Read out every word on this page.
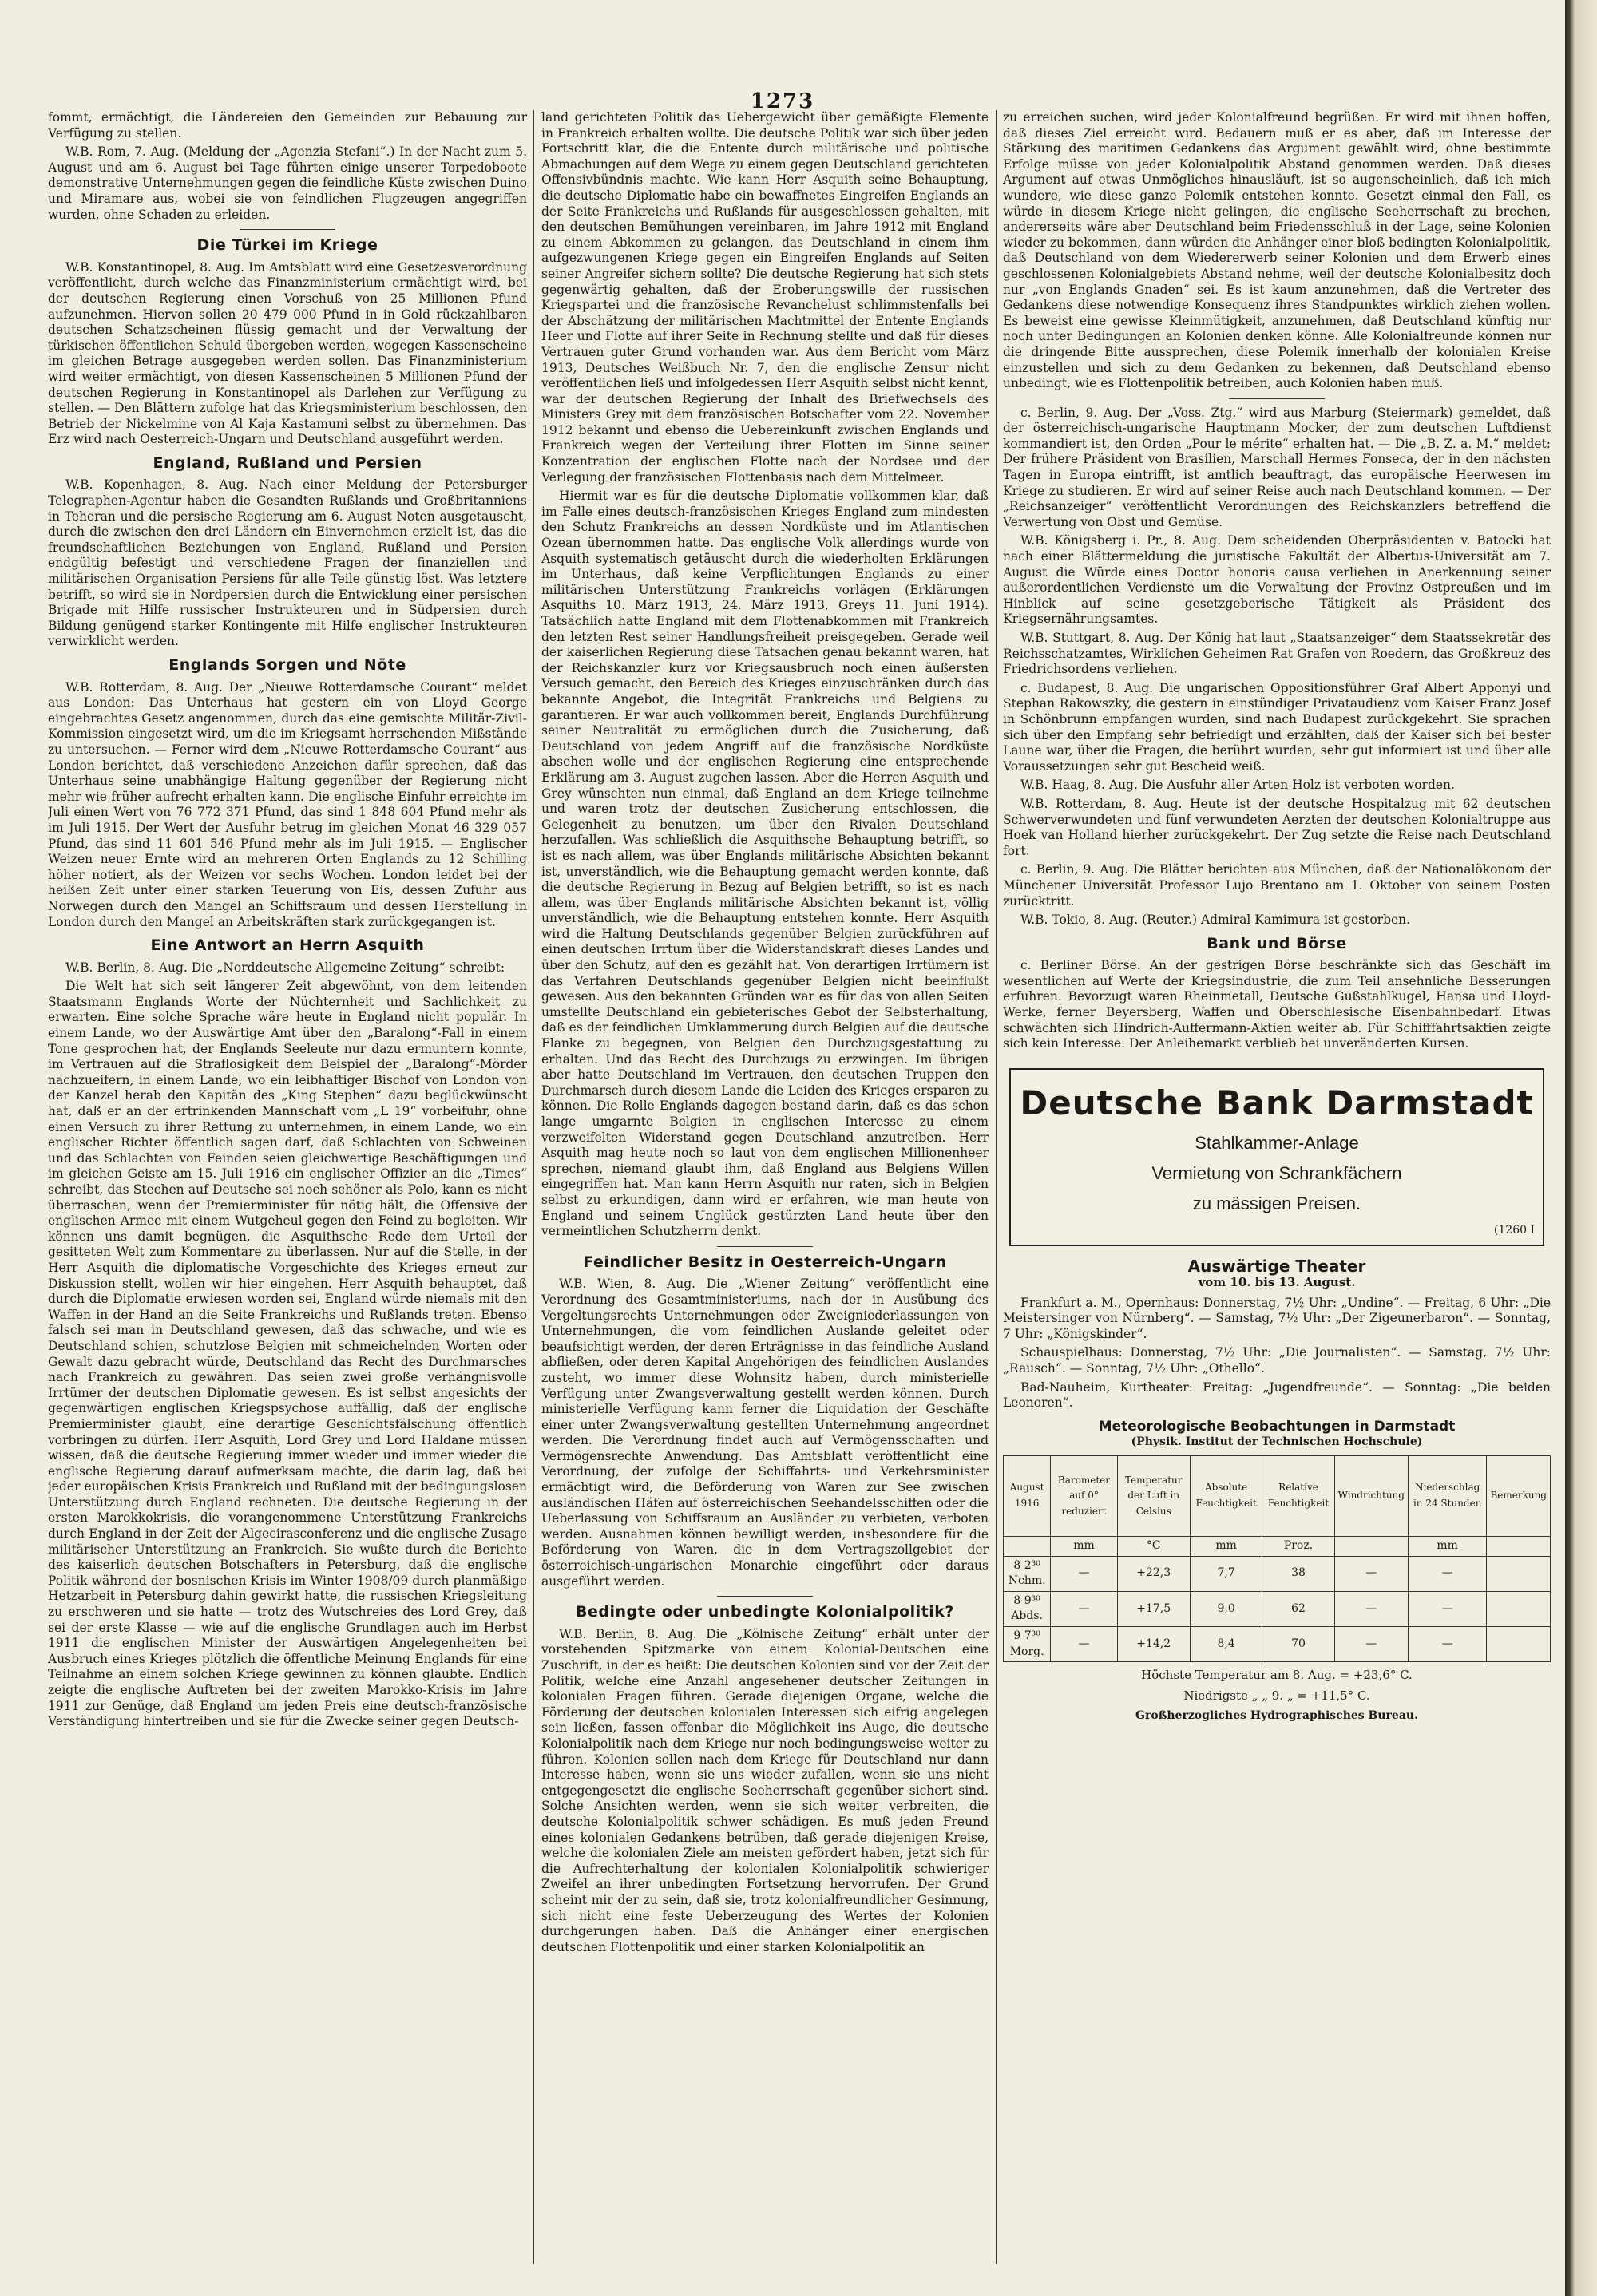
1273

fommt, ermächtigt, die Ländereien den Gemeinden zur Bebauung zur Verfügung zu stellen.

W.B. Rom, 7. Aug. (Meldung der „Agenzia Stefani“.) In der Nacht zum 5. August und am 6. August bei Tage führten einige unserer Torpedoboote demonstrative Unternehmungen gegen die feindliche Küste zwischen Duino und Miramare aus, wobei sie von feindlichen Flugzeugen angegriffen wurden, ohne Schaden zu erleiden.

Die Türkei im Kriege

W.B. Konstantinopel, 8. Aug. Im Amtsblatt wird eine Gesetzesverordnung veröffentlicht, durch welche das Finanzministerium ermächtigt wird, bei der deutschen Regierung einen Vorschuß von 25 Millionen Pfund aufzunehmen. Hiervon sollen 20 479 000 Pfund in in Gold rückzahlbaren deutschen Schatzscheinen flüssig gemacht und der Verwaltung der türkischen öffentlichen Schuld übergeben werden, wogegen Kassenscheine im gleichen Betrage ausgegeben werden sollen. Das Finanzministerium wird weiter ermächtigt, von diesen Kassenscheinen 5 Millionen Pfund der deutschen Regierung in Konstantinopel als Darlehen zur Verfügung zu stellen. — Den Blättern zufolge hat das Kriegsministerium beschlossen, den Betrieb der Nickelmine von Al Kaja Kastamuni selbst zu übernehmen. Das Erz wird nach Oesterreich-Ungarn und Deutschland ausgeführt werden.

England, Rußland und Persien

W.B. Kopenhagen, 8. Aug. Nach einer Meldung der Petersburger Telegraphen-Agentur haben die Gesandten Rußlands und Großbritanniens in Teheran und die persische Regierung am 6. August Noten ausgetauscht, durch die zwischen den drei Ländern ein Einvernehmen erzielt ist, das die freundschaftlichen Beziehungen von England, Rußland und Persien endgültig befestigt und verschiedene Fragen der finanziellen und militärischen Organisation Persiens für alle Teile günstig löst. Was letztere betrifft, so wird sie in Nordpersien durch die Entwicklung einer persischen Brigade mit Hilfe russischer Instrukteuren und in Südpersien durch Bildung genügend starker Kontingente mit Hilfe englischer Instrukteuren verwirklicht werden.

Englands Sorgen und Nöte

W.B. Rotterdam, 8. Aug. Der „Nieuwe Rotterdamsche Courant“ meldet aus London: Das Unterhaus hat gestern ein von Lloyd George eingebrachtes Gesetz angenommen, durch das eine gemischte Militär-Zivil-Kommission eingesetzt wird, um die im Kriegsamt herrschenden Mißstände zu untersuchen. — Ferner wird dem „Nieuwe Rotterdamsche Courant“ aus London berichtet, daß verschiedene Anzeichen dafür sprechen, daß das Unterhaus seine unabhängige Haltung gegenüber der Regierung nicht mehr wie früher aufrecht erhalten kann. Die englische Einfuhr erreichte im Juli einen Wert von 76 772 371 Pfund, das sind 1 848 604 Pfund mehr als im Juli 1915. Der Wert der Ausfuhr betrug im gleichen Monat 46 329 057 Pfund, das sind 11 601 546 Pfund mehr als im Juli 1915. — Englischer Weizen neuer Ernte wird an mehreren Orten Englands zu 12 Schilling höher notiert, als der Weizen vor sechs Wochen. London leidet bei der heißen Zeit unter einer starken Teuerung von Eis, dessen Zufuhr aus Norwegen durch den Mangel an Schiffsraum und dessen Herstellung in London durch den Mangel an Arbeitskräften stark zurückgegangen ist.

Eine Antwort an Herrn Asquith

W.B. Berlin, 8. Aug. Die „Norddeutsche Allgemeine Zeitung“ schreibt:

Die Welt hat sich seit längerer Zeit abgewöhnt, von dem leitenden Staatsmann Englands Worte der Nüchternheit und Sachlichkeit zu erwarten. Eine solche Sprache wäre heute in England nicht populär. In einem Lande, wo der Auswärtige Amt über den „Baralong“-Fall in einem Tone gesprochen hat, der Englands Seeleute nur dazu ermuntern konnte, im Vertrauen auf die Straflosigkeit dem Beispiel der „Baralong“-Mörder nachzueifern, in einem Lande, wo ein leibhaftiger Bischof von London von der Kanzel herab den Kapitän des „King Stephen“ dazu beglückwünscht hat, daß er an der ertrinkenden Mannschaft vom „L 19“ vorbeifuhr, ohne einen Versuch zu ihrer Rettung zu unternehmen, in einem Lande, wo ein englischer Richter öffentlich sagen darf, daß Schlachten von Schweinen und das Schlachten von Feinden seien gleichwertige Beschäftigungen und im gleichen Geiste am 15. Juli 1916 ein englischer Offizier an die „Times“ schreibt, das Stechen auf Deutsche sei noch schöner als Polo, kann es nicht überraschen, wenn der Premierminister für nötig hält, die Offensive der englischen Armee mit einem Wutgeheul gegen den Feind zu begleiten. Wir können uns damit begnügen, die Asquithsche Rede dem Urteil der gesitteten Welt zum Kommentare zu überlassen. Nur auf die Stelle, in der Herr Asquith die diplomatische Vorgeschichte des Krieges erneut zur Diskussion stellt, wollen wir hier eingehen. Herr Asquith behauptet, daß durch die Diplomatie erwiesen worden sei, England würde niemals mit den Waffen in der Hand an die Seite Frankreichs und Rußlands treten. Ebenso falsch sei man in Deutschland gewesen, daß das schwache, und wie es Deutschland schien, schutzlose Belgien mit schmeichelnden Worten oder Gewalt dazu gebracht würde, Deutschland das Recht des Durchmarsches nach Frankreich zu gewähren. Das seien zwei große verhängnisvolle Irrtümer der deutschen Diplomatie gewesen. Es ist selbst angesichts der gegenwärtigen englischen Kriegspsychose auffällig, daß der englische Premierminister glaubt, eine derartige Geschichtsfälschung öffentlich vorbringen zu dürfen. Herr Asquith, Lord Grey und Lord Haldane müssen wissen, daß die deutsche Regierung immer wieder und immer wieder die englische Regierung darauf aufmerksam machte, die darin lag, daß bei jeder europäischen Krisis Frankreich und Rußland mit der bedingungslosen Unterstützung durch England rechneten. Die deutsche Regierung in der ersten Marokkokrisis, die vorangenommene Unterstützung Frankreichs durch England in der Zeit der Algecirasconferenz und die englische Zusage militärischer Unterstützung an Frankreich. Sie wußte durch die Berichte des kaiserlich deutschen Botschafters in Petersburg, daß die englische Politik während der bosnischen Krisis im Winter 1908/09 durch planmäßige Hetzarbeit in Petersburg dahin gewirkt hatte, die russischen Kriegsleitung zu erschweren und sie hatte — trotz des Wutschreies des Lord Grey, daß sei der erste Klasse — wie auf die englische Grundlagen auch im Herbst 1911 die englischen Minister der Auswärtigen Angelegenheiten bei Ausbruch eines Krieges plötzlich die öffentliche Meinung Englands für eine Teilnahme an einem solchen Kriege gewinnen zu können glaubte. Endlich zeigte die englische Auftreten bei der zweiten Marokko-Krisis im Jahre 1911 zur Genüge, daß England um jeden Preis eine deutsch-französische Verständigung hintertreiben und sie für die Zwecke seiner gegen Deutsch-

land gerichteten Politik das Uebergewicht über gemäßigte Elemente in Frankreich erhalten wollte. Die deutsche Politik war sich über jeden Fortschritt klar, die die Entente durch militärische und politische Abmachungen auf dem Wege zu einem gegen Deutschland gerichteten Offensivbündnis machte. Wie kann Herr Asquith seine Behauptung, die deutsche Diplomatie habe ein bewaffnetes Eingreifen Englands an der Seite Frankreichs und Rußlands für ausgeschlossen gehalten, mit den deutschen Bemühungen vereinbaren, im Jahre 1912 mit England zu einem Abkommen zu gelangen, das Deutschland in einem ihm aufgezwungenen Kriege gegen ein Eingreifen Englands auf Seiten seiner Angreifer sichern sollte? Die deutsche Regierung hat sich stets gegenwärtig gehalten, daß der Eroberungswille der russischen Kriegspartei und die französische Revanchelust schlimmstenfalls bei der Abschätzung der militärischen Machtmittel der Entente Englands Heer und Flotte auf ihrer Seite in Rechnung stellte und daß für dieses Vertrauen guter Grund vorhanden war. Aus dem Bericht vom März 1913, Deutsches Weißbuch Nr. 7, den die englische Zensur nicht veröffentlichen ließ und infolgedessen Herr Asquith selbst nicht kennt, war der deutschen Regierung der Inhalt des Briefwechsels des Ministers Grey mit dem französischen Botschafter vom 22. November 1912 bekannt und ebenso die Uebereinkunft zwischen Englands und Frankreich wegen der Verteilung ihrer Flotten im Sinne seiner Konzentration der englischen Flotte nach der Nordsee und der Verlegung der französischen Flottenbasis nach dem Mittelmeer.

Hiermit war es für die deutsche Diplomatie vollkommen klar, daß im Falle eines deutsch-französischen Krieges England zum mindesten den Schutz Frankreichs an dessen Nordküste und im Atlantischen Ozean übernommen hatte. Das englische Volk allerdings wurde von Asquith systematisch getäuscht durch die wiederholten Erklärungen im Unterhaus, daß keine Verpflichtungen Englands zu einer militärischen Unterstützung Frankreichs vorlägen (Erklärungen Asquiths 10. März 1913, 24. März 1913, Greys 11. Juni 1914). Tatsächlich hatte England mit dem Flottenabkommen mit Frankreich den letzten Rest seiner Handlungsfreiheit preisgegeben. Gerade weil der kaiserlichen Regierung diese Tatsachen genau bekannt waren, hat der Reichskanzler kurz vor Kriegsausbruch noch einen äußersten Versuch gemacht, den Bereich des Krieges einzuschränken durch das bekannte Angebot, die Integrität Frankreichs und Belgiens zu garantieren. Er war auch vollkommen bereit, Englands Durchführung seiner Neutralität zu ermöglichen durch die Zusicherung, daß Deutschland von jedem Angriff auf die französische Nordküste absehen wolle und der englischen Regierung eine entsprechende Erklärung am 3. August zugehen lassen. Aber die Herren Asquith und Grey wünschten nun einmal, daß England an dem Kriege teilnehme und waren trotz der deutschen Zusicherung entschlossen, die Gelegenheit zu benutzen, um über den Rivalen Deutschland herzufallen. Was schließlich die Asquithsche Behauptung betrifft, so ist es nach allem, was über Englands militärische Absichten bekannt ist, unverständlich, wie die Behauptung gemacht werden konnte, daß die deutsche Regierung in Bezug auf Belgien betrifft, so ist es nach allem, was über Englands militärische Absichten bekannt ist, völlig unverständlich, wie die Behauptung entstehen konnte. Herr Asquith wird die Haltung Deutschlands gegenüber Belgien zurückführen auf einen deutschen Irrtum über die Widerstandskraft dieses Landes und über den Schutz, auf den es gezählt hat. Von derartigen Irrtümern ist das Verfahren Deutschlands gegenüber Belgien nicht beeinflußt gewesen. Aus den bekannten Gründen war es für das von allen Seiten umstellte Deutschland ein gebieterisches Gebot der Selbsterhaltung, daß es der feindlichen Umklammerung durch Belgien auf die deutsche Flanke zu begegnen, von Belgien den Durchzugsgestattung zu erhalten. Und das Recht des Durchzugs zu erzwingen. Im übrigen aber hatte Deutschland im Vertrauen, den deutschen Truppen den Durchmarsch durch diesem Lande die Leiden des Krieges ersparen zu können. Die Rolle Englands dagegen bestand darin, daß es das schon lange umgarnte Belgien in englischen Interesse zu einem verzweifelten Widerstand gegen Deutschland anzutreiben. Herr Asquith mag heute noch so laut von dem englischen Millionenheer sprechen, niemand glaubt ihm, daß England aus Belgiens Willen eingegriffen hat. Man kann Herrn Asquith nur raten, sich in Belgien selbst zu erkundigen, dann wird er erfahren, wie man heute von England und seinem Unglück gestürzten Land heute über den vermeintlichen Schutzherrn denkt.

Feindlicher Besitz in Oesterreich-Ungarn

W.B. Wien, 8. Aug. Die „Wiener Zeitung“ veröffentlicht eine Verordnung des Gesamtministeriums, nach der in Ausübung des Vergeltungsrechts Unternehmungen oder Zweigniederlassungen von Unternehmungen, die vom feindlichen Auslande geleitet oder beaufsichtigt werden, der deren Erträgnisse in das feindliche Ausland abfließen, oder deren Kapital Angehörigen des feindlichen Auslandes zusteht, wo immer diese Wohnsitz haben, durch ministerielle Verfügung unter Zwangsverwaltung gestellt werden können. Durch ministerielle Verfügung kann ferner die Liquidation der Geschäfte einer unter Zwangsverwaltung gestellten Unternehmung angeordnet werden. Die Verordnung findet auch auf Vermögensschaften und Vermögensrechte Anwendung. Das Amtsblatt veröffentlicht eine Verordnung, der zufolge der Schiffahrts- und Verkehrsminister ermächtigt wird, die Beförderung von Waren zur See zwischen ausländischen Häfen auf österreichischen Seehandelsschiffen oder die Ueberlassung von Schiffsraum an Ausländer zu verbieten, verboten werden. Ausnahmen können bewilligt werden, insbesondere für die Beförderung von Waren, die in dem Vertragszollgebiet der österreichisch-ungarischen Monarchie eingeführt oder daraus ausgeführt werden.

Bedingte oder unbedingte Kolonialpolitik?

W.B. Berlin, 8. Aug. Die „Kölnische Zeitung“ erhält unter der vorstehenden Spitzmarke von einem Kolonial-Deutschen eine Zuschrift, in der es heißt: Die deutschen Kolonien sind vor der Zeit der Politik, welche eine Anzahl angesehener deutscher Zeitungen in kolonialen Fragen führen. Gerade diejenigen Organe, welche die Förderung der deutschen kolonialen Interessen sich eifrig angelegen sein ließen, fassen offenbar die Möglichkeit ins Auge, die deutsche Kolonialpolitik nach dem Kriege nur noch bedingungsweise weiter zu führen. Kolonien sollen nach dem Kriege für Deutschland nur dann Interesse haben, wenn sie uns wieder zufallen, wenn sie uns nicht entgegengesetzt die englische Seeherrschaft gegenüber sichert sind. Solche Ansichten werden, wenn sie sich weiter verbreiten, die deutsche Kolonialpolitik schwer schädigen. Es muß jeden Freund eines kolonialen Gedankens betrüben, daß gerade diejenigen Kreise, welche die kolonialen Ziele am meisten gefördert haben, jetzt sich für die Aufrechterhaltung der kolonialen Kolonialpolitik schwieriger Zweifel an ihrer unbedingten Fortsetzung hervorrufen. Der Grund scheint mir der zu sein, daß sie, trotz kolonialfreundlicher Gesinnung, sich nicht eine feste Ueberzeugung des Wertes der Kolonien durchgerungen haben. Daß die Anhänger einer energischen deutschen Flottenpolitik und einer starken Kolonialpolitik an

zu erreichen suchen, wird jeder Kolonialfreund begrüßen. Er wird mit ihnen hoffen, daß dieses Ziel erreicht wird. Bedauern muß er es aber, daß im Interesse der Stärkung des maritimen Gedankens das Argument gewählt wird, ohne bestimmte Erfolge müsse von jeder Kolonialpolitik Abstand genommen werden. Daß dieses Argument auf etwas Unmögliches hinausläuft, ist so augenscheinlich, daß ich mich wundere, wie diese ganze Polemik entstehen konnte. Gesetzt einmal den Fall, es würde in diesem Kriege nicht gelingen, die englische Seeherrschaft zu brechen, andererseits wäre aber Deutschland beim Friedensschluß in der Lage, seine Kolonien wieder zu bekommen, dann würden die Anhänger einer bloß bedingten Kolonialpolitik, daß Deutschland von dem Wiedererwerb seiner Kolonien und dem Erwerb eines geschlossenen Kolonialgebiets Abstand nehme, weil der deutsche Kolonialbesitz doch nur „von Englands Gnaden“ sei. Es ist kaum anzunehmen, daß die Vertreter des Gedankens diese notwendige Konsequenz ihres Standpunktes wirklich ziehen wollen. Es beweist eine gewisse Kleinmütigkeit, anzunehmen, daß Deutschland künftig nur noch unter Bedingungen an Kolonien denken könne. Alle Kolonialfreunde können nur die dringende Bitte aussprechen, diese Polemik innerhalb der kolonialen Kreise einzustellen und sich zu dem Gedanken zu bekennen, daß Deutschland ebenso unbedingt, wie es Flottenpolitik betreiben, auch Kolonien haben muß.

c. Berlin, 9. Aug. Der „Voss. Ztg.“ wird aus Marburg (Steiermark) gemeldet, daß der österreichisch-ungarische Hauptmann Mocker, der zum deutschen Luftdienst kommandiert ist, den Orden „Pour le mérite“ erhalten hat. — Die „B. Z. a. M.“ meldet: Der frühere Präsident von Brasilien, Marschall Hermes Fonseca, der in den nächsten Tagen in Europa eintrifft, ist amtlich beauftragt, das europäische Heerwesen im Kriege zu studieren. Er wird auf seiner Reise auch nach Deutschland kommen. — Der „Reichsanzeiger“ veröffentlicht Verordnungen des Reichskanzlers betreffend die Verwertung von Obst und Gemüse.

W.B. Königsberg i. Pr., 8. Aug. Dem scheidenden Oberpräsidenten v. Batocki hat nach einer Blättermeldung die juristische Fakultät der Albertus-Universität am 7. August die Würde eines Doctor honoris causa verliehen in Anerkennung seiner außerordentlichen Verdienste um die Verwaltung der Provinz Ostpreußen und im Hinblick auf seine gesetzgeberische Tätigkeit als Präsident des Kriegsernährungsamtes.

W.B. Stuttgart, 8. Aug. Der König hat laut „Staatsanzeiger“ dem Staatssekretär des Reichsschatzamtes, Wirklichen Geheimen Rat Grafen von Roedern, das Großkreuz des Friedrichsordens verliehen.

c. Budapest, 8. Aug. Die ungarischen Oppositionsführer Graf Albert Apponyi und Stephan Rakowszky, die gestern in einstündiger Privataudienz vom Kaiser Franz Josef in Schönbrunn empfangen wurden, sind nach Budapest zurückgekehrt. Sie sprachen sich über den Empfang sehr befriedigt und erzählten, daß der Kaiser sich bei bester Laune war, über die Fragen, die berührt wurden, sehr gut informiert ist und über alle Voraussetzungen sehr gut Bescheid weiß.

W.B. Haag, 8. Aug. Die Ausfuhr aller Arten Holz ist verboten worden.

W.B. Rotterdam, 8. Aug. Heute ist der deutsche Hospitalzug mit 62 deutschen Schwerverwundeten und fünf verwundeten Aerzten der deutschen Kolonialtruppe aus Hoek van Holland hierher zurückgekehrt. Der Zug setzte die Reise nach Deutschland fort.

c. Berlin, 9. Aug. Die Blätter berichten aus München, daß der Nationalökonom der Münchener Universität Professor Lujo Brentano am 1. Oktober von seinem Posten zurücktritt.

W.B. Tokio, 8. Aug. (Reuter.) Admiral Kamimura ist gestorben.

Bank und Börse

c. Berliner Börse. An der gestrigen Börse beschränkte sich das Geschäft im wesentlichen auf Werte der Kriegsindustrie, die zum Teil ansehnliche Besserungen erfuhren. Bevorzugt waren Rheinmetall, Deutsche Gußstahlkugel, Hansa und Lloyd-Werke, ferner Beyersberg, Waffen und Oberschlesische Eisenbahnbedarf. Etwas schwächten sich Hindrich-Auffermann-Aktien weiter ab. Für Schifffahrtsaktien zeigte sich kein Interesse. Der Anleihemarkt verblieb bei unveränderten Kursen.

Deutsche Bank Darmstadt
Stahlkammer-Anlage
Vermietung von Schrankfächern
zu mässigen Preisen.
(1260 I
Auswärtige Theater
vom 10. bis 13. August.

Frankfurt a. M., Opernhaus: Donnerstag, 7½ Uhr: „Undine“. — Freitag, 6 Uhr: „Die Meistersinger von Nürnberg“. — Samstag, 7½ Uhr: „Der Zigeunerbaron“. — Sonntag, 7 Uhr: „Königskinder“.

Schauspielhaus: Donnerstag, 7½ Uhr: „Die Journalisten“. — Samstag, 7½ Uhr: „Rausch“. — Sonntag, 7½ Uhr: „Othello“.

Bad-Nauheim, Kurtheater: Freitag: „Jugendfreunde“. — Sonntag: „Die beiden Leonoren“.

Meteorologische Beobachtungen in Darmstadt
(Physik. Institut der Technischen Hochschule)
August 1916	Barometer auf 0° reduziert	Temperatur der Luft in Celsius	Absolute Feuchtigkeit	Relative Feuchtigkeit	Windrichtung	Niederschlag in 24 Stunden	Bemerkung
	mm	°C	mm	Proz.		mm	
8 2³⁰ Nchm.	—	+22,3	7,7	38	—	—	
8 9³⁰ Abds.	—	+17,5	9,0	62	—	—	
9 7³⁰ Morg.	—	+14,2	8,4	70	—	—	
Höchste Temperatur am 8. Aug. = +23,6° C.
Niedrigste „ „ 9. „ = +11,5° C.
Großherzogliches Hydrographisches Bureau.
